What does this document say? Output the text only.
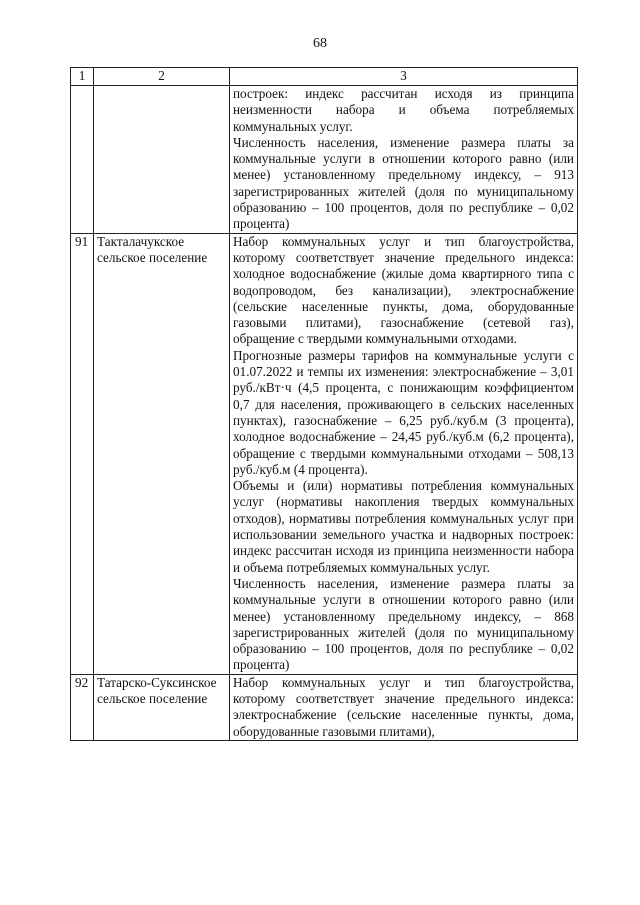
68
1	2	3

		построек: индекс рассчитан исходя из принципа неизменности набора и объема потребляемых коммунальных услуг.

Численность населения, изменение размера платы за коммунальные услуги в отношении которого равно (или менее) установленному предельному индексу, – 913 зарегистрированных жителей (доля по муниципальному образованию – 100 процентов, доля по республике – 0,02 процента)

91	Такталачукское сельское поселение	Набор коммунальных услуг и тип благоустройства, которому соответствует значение предельного индекса: холодное водоснабжение (жилые дома квартирного типа с водопроводом, без канализации), электроснабжение (сельские населенные пункты, дома, оборудованные газовыми плитами), газоснабжение (сетевой газ), обращение с твердыми коммунальными отходами.

Прогнозные размеры тарифов на коммунальные услуги с 01.07.2022 и темпы их изменения: электроснабжение – 3,01 руб./кВт·ч (4,5 процента, с понижающим коэффициентом 0,7 для населения, проживающего в сельских населенных пунктах), газоснабжение – 6,25 руб./куб.м (3 процента), холодное водоснабжение – 24,45 руб./куб.м (6,2 процента), обращение с твердыми коммунальными отходами – 508,13 руб./куб.м (4 процента).

Объемы и (или) нормативы потребления коммунальных услуг (нормативы накопления твердых коммунальных отходов), нормативы потребления коммунальных услуг при использовании земельного участка и надворных построек: индекс рассчитан исходя из принципа неизменности набора и объема потребляемых коммунальных услуг.

Численность населения, изменение размера платы за коммунальные услуги в отношении которого равно (или менее) установленному предельному индексу, – 868 зарегистрированных жителей (доля по муниципальному образованию – 100 процентов, доля по республике – 0,02 процента)

92	Татарско-Суксинское сельское поселение	Набор коммунальных услуг и тип благоустройства, которому соответствует значение предельного индекса: электроснабжение (сельские населенные пункты, дома, оборудованные газовыми плитами),
